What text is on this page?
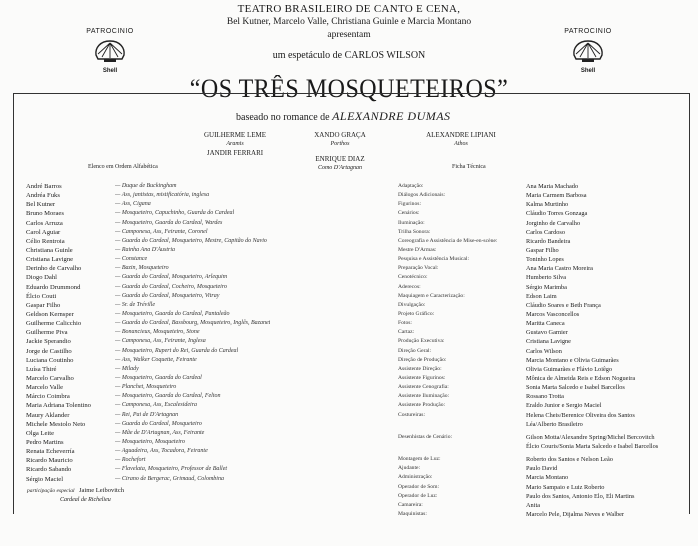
TEATRO BRASILEIRO DE CANTO E CENA,
Bel Kutner, Marcelo Valle, Christiana Guinle e Marcia Montano
apresentam
um espetáculo de CARLOS WILSON
PATROCINIO
Shell
PATROCINIO
Shell
“OS TRÊS MOSQUETEIROS”
baseado no romance de ALEXANDRE DUMAS
GUILHERME LEME
Aramis
JANDIR FERRARI
XANDO GRAÇA
Porthos
ALEXANDRE LIPIANI
Athos
ENRIQUE DIAZ
Como D'Artagnan
Elenco em Ordem Alfabética	Ficha Técnica
André Barros
Andréa Fuks
Bel Kutner
Bruno Moraes
Carlos Arruza
Carol Aguiar
Célio Rentroia
Christiana Guinle
Cristiana Lavigne
Derinho de Carvalho
Diogo Dahl
Eduardo Drummond
Élcio Couti
Gaspar Filho
Geldson Kernsper
Guilherme Calicchio
Guilherme Piva
Jackie Sperandio
Jorge de Castilho
Luciana Coutinho
Luísa Thiré
Marcelo Carvalho
Marcelo Valle
Márcio Coimbra
Maria Adriana Tolentino
Maury Aklander
Michele Mestolo Neto
Olga Leite
Pedro Martins
Renata Echeverría
Ricardo Mauricio
Ricardo Sabando
Sérgio Maciel
— Duque de Buckingham
— Ass, jantistas, mistificatória, inglesa
— Ass, Cigana
— Mosqueteiro, Capuchinho, Guarda do Cardeal
— Mosqueteiro, Guarda do Cardeal, Wardes
— Camponesa, Ass, Feirante, Coronel
— Guarda do Cardeal, Mosqueteiro, Mestre, Capitão do Navio
— Rainha Ana D'Áustria
— Constance
— Bazin, Mosqueteiro
— Guarda do Cardeal, Mosqueteiro, Arlequim
— Guarda do Cardeal, Cocheiro, Mosqueteiro
— Guarda do Cardeal, Mosqueteiro, Vitray
— Sr. de Tréville
— Mosqueteiro, Guarda do Cardeal, Pantaleão
— Guarda do Cardeal, Bassbourg, Mosqueteiro, Inglês, Bazanet
— Bonancieux, Mosqueteiro, Stone
— Camponesa, Ass, Feirante, Inglesa
— Mosqueteiro, Rupert do Rei, Guarda do Cardeal
— Ass, Walker Coquette, Feirante
— Milady
— Mosqueteiro, Guarda do Cardeal
— Planchet, Mosqueteiro
— Mosqueteiro, Guarda do Cardeal, Felton
— Camponesa, Ass, Escalesideira
— Rei, Pai de D'Artagnan
— Guarda do Cardeal, Mosqueteiro
— Mãe de D'Artagnan, Ass, Feirante
— Mosqueteiro, Mosqueteiro
— Aguadeira, Ass, Tocadora, Feirante
— Rochefort
— Flavelata, Mosqueteiro, Professor de Ballet
— Cirano de Bergerac, Grimaud, Colombina
participação especial Jaime Leibovitch
Cardeal de Richelieu
Adaptação:
Diálogos Adicionais:
Figurinos:
Cenários:
Iluminação:
Trilha Sonora:
Coreografia e Assistência de Mise-en-scène:
Mestre D'Armas:
Pesquisa e Assistência Musical:
Preparação Vocal:
Cenotécnico:
Aderecos:
Maquiagem e Caracterização:
Divulgação:
Projeto Gráfico:
Fotos:
Cartaz:
Produção Executiva:
Direção Geral:
Direção de Produção:
Assistente Direção:
Assistente Figurinos:
Assistente Cenografia:
Assistente Iluminação:
Assistente Produção:
Costureiras:
Desenhistas de Cenário:
Montagem de Luz:
Ajudante:
Administração:
Operador de Som:
Operador de Luz:
Camareira:
Maquinistas:
Ana Maria Machado
Maria Carmem Barbosa
Kalma Murtinho
Cláudio Torres Gonzaga
Jorginho de Carvalho
Carlos Cardoso
Ricardo Bandeira
Gaspar Filho
Toninho Lopes
Ana Maria Castro Moreira
Humberto Silva
Sérgio Marimba
Edson Laim
Cláudio Soares e Beth França
Marcos Vasconcellos
Maritta Caneca
Gustavo Garnier
Cristiana Lavigne
Carlos Wilson
Marcia Montano e Olivia Guimarães
Olivia Guimarães e Flávio Loiêgo
Mônica de Almeida Reis e Edson Nogueira
Sonia Marta Salcedo e Isabel Barcellos
Rossano Trotta
Eraldo Junior e Sergio Maciel
Helena Cheis/Berenice Oliveira dos Santos
Léa/Alberto Brasileiro
Gilson Motta/Alexandre Spring/Michel Bercovitch
Élcio Couris/Sonia Marta Salcedo e Isabel Barcellos
Roberto dos Santos e Nelson Leão
Paulo David
Marcia Montano
Mario Sampaio e Luiz Roberto
Paulo dos Santos, Antonio Elo, Eli Martins
Anita
Marcelo Pele, Dijalma Neves e Walber
